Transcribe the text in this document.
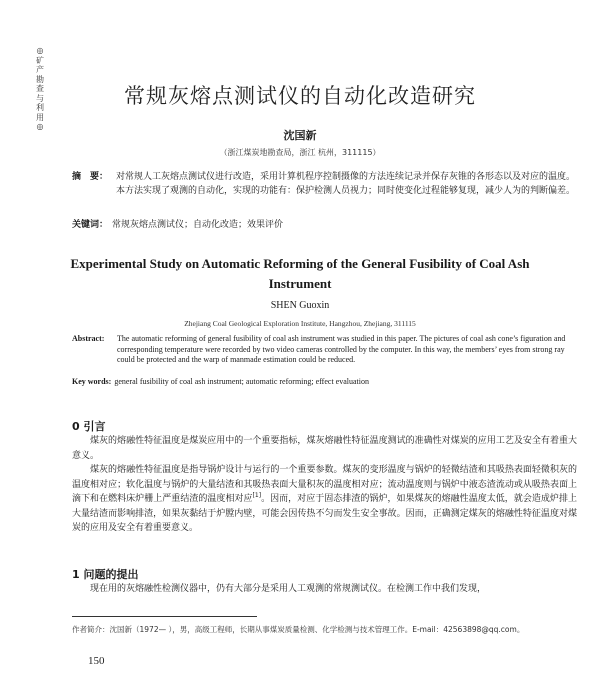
◎
矿
产
勘
查
与
利
用
◎
常规灰熔点测试仪的自动化改造研究
沈国新
（浙江煤炭地勘查局，浙江 杭州，311115）
摘　要： 对常规人工灰熔点测试仪进行改造，采用计算机程序控制摄像的方法连续记录并保存灰锥的各形态以及对应的温度。本方法实现了观测的自动化，实现的功能有：保护检测人员视力；同时使变化过程能够复现，减少人为的判断偏差。
关键词： 常规灰熔点测试仪；自动化改造；效果评价
Experimental Study on Automatic Reforming of the General Fusibility of Coal Ash Instrument
SHEN Guoxin
Zhejiang Coal Geological Exploration Institute, Hangzhou, Zhejiang, 311115
Abstract: The automatic reforming of general fusibility of coal ash instrument was studied in this paper. The pictures of coal ash cone’s figuration and corresponding temperature were recorded by two video cameras controlled by the computer. In this way, the members’ eyes from strong ray could be protected and the warp of manmade estimation could be reduced.
Key words: general fusibility of coal ash instrument; automatic reforming; effect evaluation
0 引言

煤灰的熔融性特征温度是煤炭应用中的一个重要指标，煤灰熔融性特征温度测试的准确性对煤炭的应用工艺及安全有着重大意义。

煤灰的熔融性特征温度是指导锅炉设计与运行的一个重要参数。煤灰的变形温度与锅炉的轻微结渣和其吸热表面轻微积灰的温度相对应；软化温度与锅炉的大量结渣和其吸热表面大量积灰的温度相对应；流动温度则与锅炉中液态渣流动或从吸热表面上滴下和在燃料床炉栅上严重结渣的温度相对应[1]。因而，对应于固态排渣的锅炉，如果煤灰的熔融性温度太低，就会造成炉排上大量结渣而影响排渣，如果灰黏结于炉膛内壁，可能会因传热不匀而发生安全事故。因而，正确测定煤灰的熔融性特征温度对煤炭的应用及安全有着重要意义。

1 问题的提出

现在用的灰熔融性检测仪器中，仍有大部分是采用人工观测的常规测试仪。在检测工作中我们发现，

作者简介：沈国新（1972— ），男，高级工程师，长期从事煤炭质量检测、化学检测与技术管理工作。E-mail：42563898@qq.com。
150
